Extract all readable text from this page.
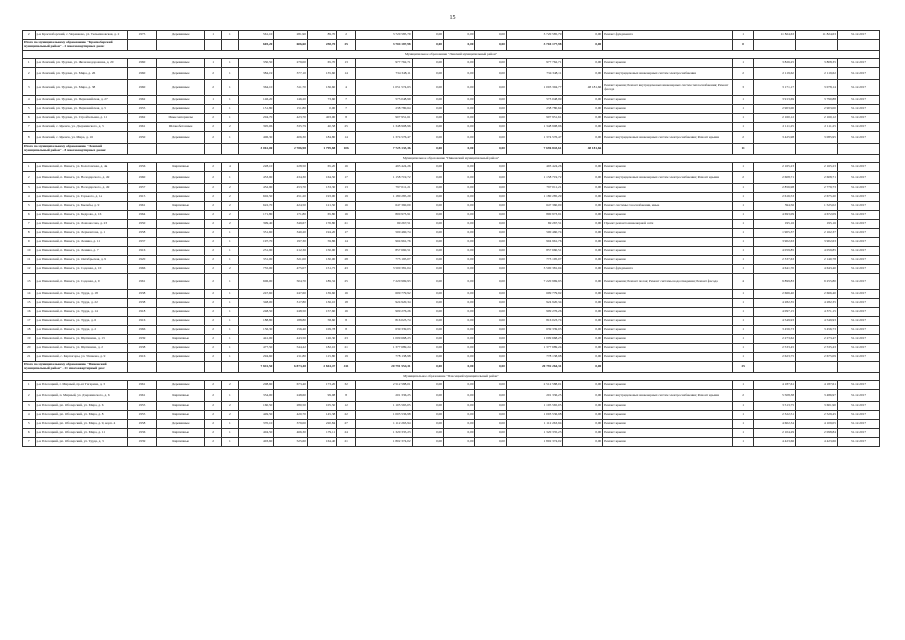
15
2	р-н Красноборский, с. Черевково, ул. Тельмановская, д. 2	1975	Деревянные	1	1	561,10	281,90	89,70	2	3 720 585,79	0,00	0,00	0,00	3 720 585,79	0,00	Ремонт фундамента	1	11 824,63	11 824,63	31.12.2017
Итого по муниципальному образованию "Красноборский муниципальный район" - 2 многоквартирных дома:						605,20	606,60	258,70	25	3 704 187,98	0,00	0,00	0,00	3 704 177,98	0,00		0			
Муниципальное образование "Ленский муниципальный район"																				
1	р-н Ленский, рп. Урдома, ул. Железнодорожная, д. 20	1960	Деревянные	1	1	330,50	279,00	65,70	13	977 762,71	0,00	0,00	0,00	977 762,71	0,00	Ремонт крыши	1	3 826,25	3 808,35	31.12.2017
2	р-н Ленский, рп. Урдома, ул. Мира, д. 26	1960	Деревянные	2	1	384,19	377,10	135,60	14	734 348,11	0,00	0,00	0,00	734 348,11	0,00	Ремонт внутридомовых инженерных систем электроснабжения	2	2 119,62	2 119,62	31.12.2017
3	р-н Ленский, рп. Урдома, ул. Мира, д. 38	1960	Деревянные	2	1	364,10	311,70	136,60	4	1 051 574,63	0,00	0,00	0,00	1 003 394,77	48 181,66	Ремонт крыши; Ремонт внутридомовых инженерных систем теплоснабжения; Ремонт фасада	3	3 171,17	3 078,14	31.12.2017
4	р-н Ленский, рп. Урдома, ул. Первомайская, д. 27	1962	Деревянные	1	1	146,20	146,20	73,60	7	573 048,99	0,00	0,00	0,00	573 048,99	0,00	Ремонт крыши	1	3 913,69	3 790,88	31.12.2017
5	р-н Ленский, рп. Урдома, ул. Первомайская, д. 5	1955	Деревянные	2	1	151,80	151,80	0,00	7	238 780,64	0,00	0,00	0,00	238 780,64	0,00	Ремонт крыши	1	2 903,00	2 903,00	31.12.2017
6	р-н Ленский, рп. Урдома, ул. Стройтельная, д. 11	1962	Иные материалы	2	1	204,70	423,70	403,90	8	907 951,61	0,00	0,00	0,00	907 951,61	0,00	Ремонт крыши	1	2 160,12	2 160,12	31.12.2017
7	р-н Ленский, с. Яренск, ул. Дзержинского, д. 5	1961	Шлакобетонные	2	2	395,06	335,79	40,58	25	1 348 908,96	0,00	0,00	0,00	1 348 908,96	0,00	Ремонт крыши	1	2 111,25	2 111,25	31.12.2017
8	р-н Ленский, с. Яренск, ул. Мира, д. 16	1950	Деревянные	2	1	406,30	406,30	184,80	14	1 374 576,47	0,00	0,00	0,00	1 374 576,47	0,00	Ремонт внутридомовых инженерных систем электроснабжения; Ремонт крыши	2	3 425,98	3 085,95	31.12.2017
Итого по муниципальному образованию "Ленский муниципальный район" - 8 многоквартирных домов:						3 061,00	2 786,98	1 799,88	106	7 725 133,36	0,00	0,00	0,00	7 696 843,61	48 181,66		11			
Муниципальное образование "Пинежский муниципальный район"																				
1	р-н Пинежский, п. Пинега, ул. Болотовская, д. 4в	1956	Кирпичные	2	4	228,10	228,50	65,20	16	493 424,26	0,00	0,00	0,00	493 424,26	0,00	Ремонт крыши	1	2 165,23	2 165,23	31.12.2017
2	р-н Пинежский, п. Пинега, ул. Володарского, д. 49	1960	Деревянные	2	1	453,90	434,30	164,50	17	1 158 719,72	0,00	0,00	0,00	1 158 719,72	0,00	Ремонт внутридомовых инженерных систем электроснабжения; Ремонт крыши	2	2 608,71	2 608,71	31.12.2017
3	р-н Пинежский, п. Пинега, ул. Володарского, д. 49	1957	Деревянные	2	2	452,90	453,70	133,30	13	797 011,21	0,00	0,00	0,00	797 011,21	0,00	Ремонт крыши	1	2 856,98	2 779,73	31.12.2017
4	р-н Пинежский, п. Пинега, ул. Горького, д. 1а	1915	Деревянные	2	2	602,50	451,20	193,90	19	1 180 285,29	0,00	0,00	0,00	1 180 285,29	0,00	Ремонт крыши	1	2 616,53	2 675,20	31.12.2017
5	р-н Пинежский, п. Пинега, ул. Быльбы, д. 9	1961	Кирпичные	2	2	622,70	424,50	121,50	16	647 360,00	0,00	0,00	0,00	647 360,00	0,00	Ремонт системы газоснабжения, иные	1	594,56	1 525,02	31.12.2017
6	р-н Пинежский, п. Пинега, ул. Кедрова, д. 16	1964	Деревянные	2	2	171,80	171,80	65,80	16	800 973,91	0,00	0,00	0,00	800 973,91	0,00	Ремонт крыши	1	4 693,09	4 672,09	31.12.2017
7	р-н Пинежский, п. Пинега, ул. Ломоносова, д. 23	1950	Деревянные	2	2	399,40	349,67	176,80	21	69 267,51	0,00	0,00	0,00	69 267,51	0,00	Проект ремонта инженерной сети	1	195,16	195,16	31.12.2017
8	р-н Пинежский, п. Пинега, ул. Лермонтова, д. 1	1958	Деревянные	2	1	351,60	340,20	194,20	17	500 460,74	0,00	0,00	0,00	500 460,74	0,00	Ремонт крыши	1	1 905,37	2 162,37	31.12.2017
9	р-н Пинежский, п. Пинега, ул. Ленина, д. 11	1937	Деревянные	2	1	197,70	197,30	59,86	14	904 961,76	0,00	0,00	0,00	904 961,76	0,00	Ремонт крыши	1	3 902,63	3 902,63	31.12.2017
10	р-н Пинежский, п. Пинега, ул. Ленина, д. 7	1916	Деревянные	2	1	231,90	212,36	150,90	19	857 660,51	0,00	0,00	0,00	857 660,51	0,00	Ремонт крыши	1	4 059,85	4 059,85	31.12.2017
11	р-н Пинежский, п. Пинега, ул. Октябрьская, д. 9	1920	Деревянные	2	1	331,00	321,00	130,00	28	773 195,07	0,00	0,00	0,00	773 195,07	0,00	Ремонт крыши	1	2 337,63	2 140,78	31.12.2017
12	р-н Пинежский, п. Пинега, ул. Садовая, д. 10	1966	Деревянные	2	2	755,00	475,07	151,75	43	3 500 381,04	0,00	0,00	0,00	3 500 381,04	0,00	Ремонт фундамента	1	4 641,70	4 643,40	31.12.2017
13	р-н Пинежский, п. Пинега, ул. Садовая, д. 9	1961	Деревянные	2	1	606,00	504,70	189,32	25	7 220 969,93	0,00	0,00	0,00	7 220 969,93	0,00	Ремонт крыши; Ремонт полов; Ремонт системы водоотведения; Ремонт фасада	4	9 899,83	9 255,80	31.12.2017
14	р-н Пинежский, п. Пинега, ул. Труда, д. 18	1938	Деревянные	2	1	247,60	247,60	139,60	16	609 779,92	0,00	0,00	0,00	609 779,92	0,00	Ремонт крыши	1	2 666,40	2 666,40	31.12.2017
15	р-н Пинежский, п. Пинега, ул. Труда, д. 22	1938	Деревянные	2	1	348,00	317,80	136,10	18	924 920,34	0,00	0,00	0,00	924 920,34	0,00	Ремонт крыши	1	4 282,35	4 282,35	31.12.2017
16	р-н Пинежский, п. Пинега, ул. Труда, д. 14	1918	Деревянные	2	1	248,50	248,50	157,60	16	909 276,26	0,00	0,00	0,00	909 276,26	0,00	Ремонт крыши	1	4 097,15	4 371,15	31.12.2017
17	р-н Пинежский, п. Пинега, ул. Труда, д. 6	1916	Деревянные	2	1	188,80	188,80	58,60	8	816 023,74	0,00	0,00	0,00	816 023,74	0,00	Ремонт крыши	1	4 549,93	4 549,93	31.12.2017
18	р-н Пинежский, п. Пинега, ул. Труда, д. 2	1966	Деревянные	2	1	156,30	156,40	109,78	8	639 339,03	0,00	0,00	0,00	639 339,03	0,00	Ремонт крыши	1	3 456,73	3 456,73	31.12.2017
19	р-н Пинежский, п. Пинега, ул. Щетинина, д. 13	1939	Кирпичные	2	1	441,00	443,50	126,30	23	1 009 668,23	0,00	0,00	0,00	1 009 668,23	0,00	Ремонт крыши	1	2 273,62	2 273,47	31.12.2017
20	р-н Пинежский, п. Пинега, ул. Щетинина, д. 2	1938	Деревянные	2	1	477,50	544,42	182,10	21	1 377 689,24	0,00	0,00	0,00	1 377 689,24	0,00	Ремонт крыши	1	2 533,45	2 535,43	31.12.2017
21	р-н Пинежский, с. Карпогоры, ул. Ушакова, д. 9	1916	Деревянные	2	1	294,60	211,80	115,80	19	778 138,98	0,00	0,00	0,00	778 138,98	0,00	Ремонт крыши	1	2 623,75	2 675,09	31.12.2017
Итого по муниципальному образованию "Пинежский муниципальный район" - 21 многоквартирный дом:						7 841,50	6 873,48	2 844,47	411	20 791 554,31	0,00	0,00	0,00	20 792 264,31	0,00		25			
Муниципальное образование "Плесецкий муниципальный район"																				
1	р-н Плесецкий, г. Мирный, пр-кт Гагарина, д. 3	1961	Деревянные	2	2	208,60	673,40	173,20	32	2 512 588,01	0,00	0,00	0,00	2 512 588,01	0,00	Ремонт крыши	1	4 187,61	4 187,61	31.12.2017
2	р-н Плесецкий, п. Мирный, ул. Дзержинского, д. 6	1961	Кирпичные	2	1	334,00	248,60	99,98	8	201 336,25	0,00	0,00	0,00	201 336,25	0,00	Ремонт внутридомовых инженерных систем электроснабжения; Ремонт крыши	2	5 508,38	3 486,97	31.12.2017
3	р-н Плесецкий, рп. Обозерский, ул. Мира, д. 6	1955	Кирпичные	2	2	160,50	280,50	105,50	12	1 105 565,05	0,00	0,00	0,00	1 105 565,05	0,00	Ремонт крыши	1	3 513,75	3 601,90	31.12.2017
4	р-н Плесецкий, рп. Обозерский, ул. Мира, д. 8	1955	Кирпичные	2	2	449,50	420,70	145,38	22	1 003 536,98	0,00	0,00	0,00	1 003 536,98	0,00	Ремонт крыши	1	2 322,51	2 529,45	31.12.2017
5	р-н Плесецкий, рп. Обозерский, ул. Мира, д. 9, корп. 4	1958	Деревянные	2	1	370,10	379,00	220,84	27	1 112 263,94	0,00	0,00	0,00	1 112 263,94	0,00	Ремонт крыши	1	4 602,34	4 109,05	31.12.2017
6	р-н Плесецкий, рп. Обозерский, ул. Мира, д. 11	1936	Кирпичные	2	1	404,50	466,30	179,11	24	1 320 335,23	0,00	0,00	0,00	1 320 335,23	0,00	Ремонт крыши	1	2 104,29	2 098,84	31.12.2017
7	р-н Плесецкий, рп. Обозерский, ул. Труда, д. 3	1939	Кирпичные	2	1	403,60	525,60	164,40	21	1 802 374,02	0,00	0,00	0,00	1 802 374,02	0,00	Ремонт крыши	1	4 423,66	4 423,66	31.12.2017
